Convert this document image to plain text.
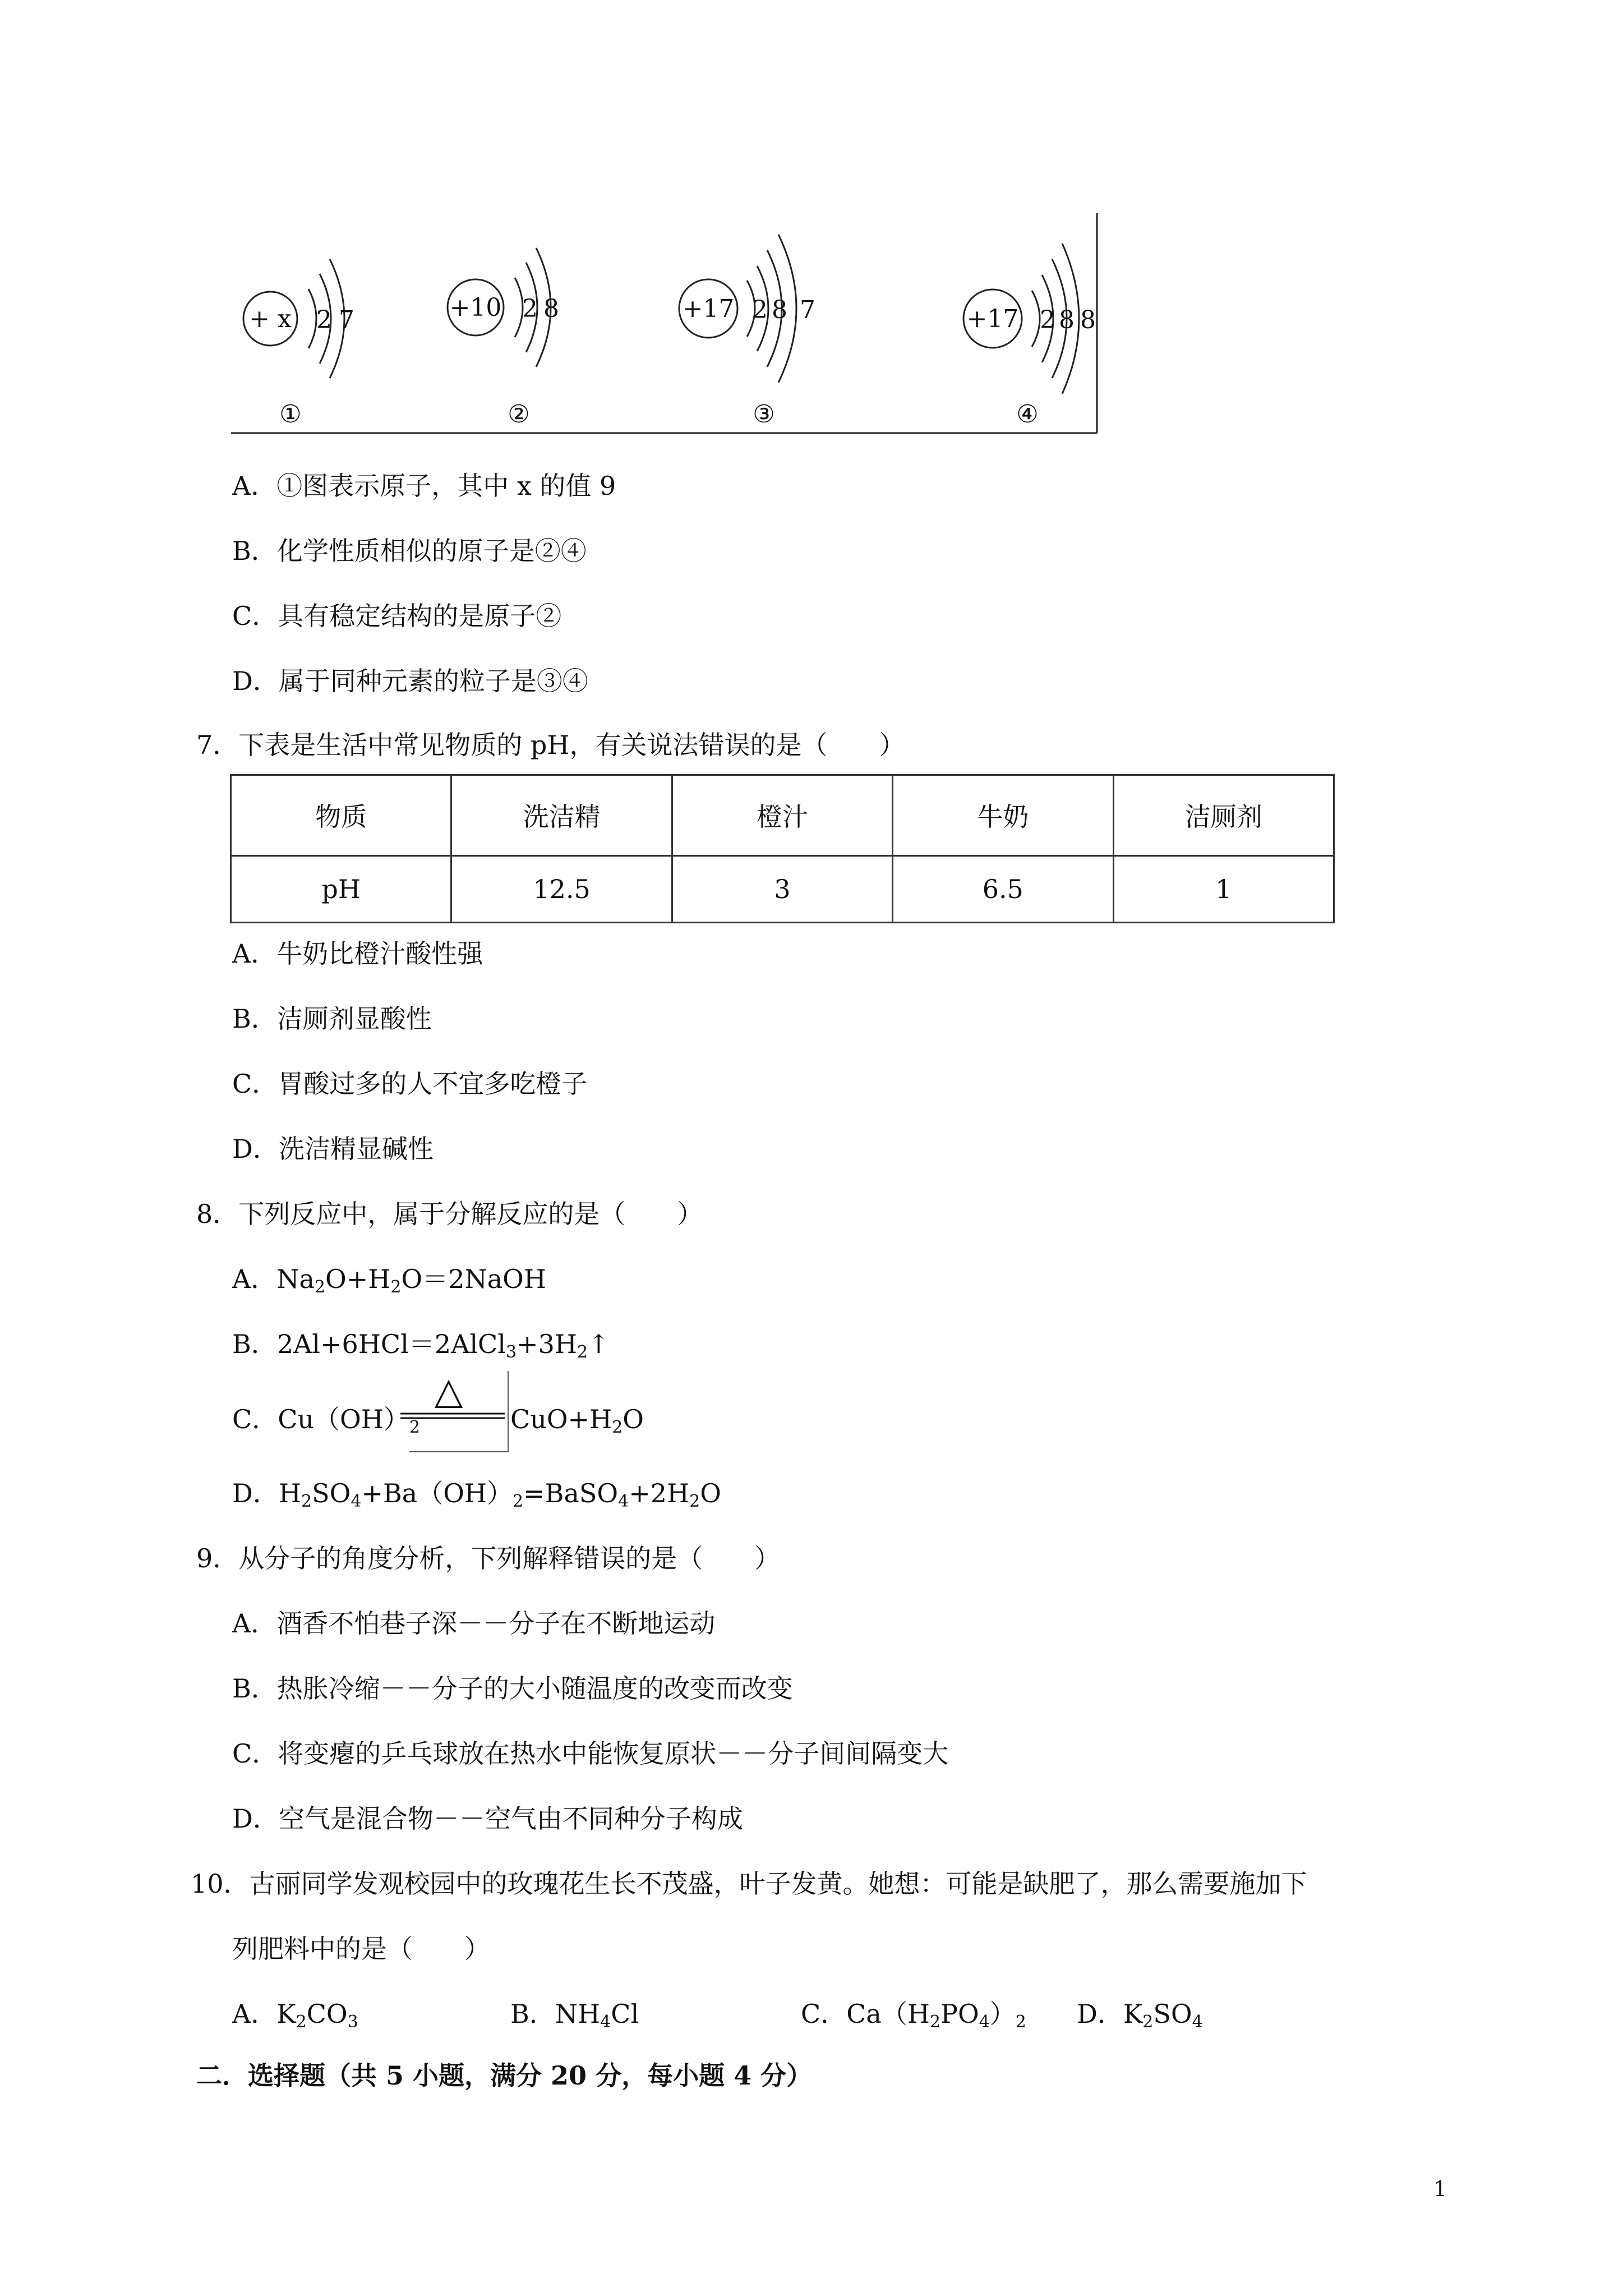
+ x 2 7
①
+10 2 8
②
+17 2 8 7
③
+17 2 8 8
④
A．①图表示原子，其中 x 的值 9
B．化学性质相似的原子是②④
C．具有稳定结构的是原子②
D．属于同种元素的粒子是③④
7．下表是生活中常见物质的 pH，有关说法错误的是（　　）
物质	洗洁精	橙汁	牛奶	洁厕剂
pH	12.5	3	6.5	1
A．牛奶比橙汁酸性强
B．洁厕剂显酸性
C．胃酸过多的人不宜多吃橙子
D．洗洁精显碱性
8．下列反应中，属于分解反应的是（　　）
A．$Na_2O+H_2O=2NaOH$
B．$2Al+6HCl=2AlCl_3+3H_2↑$
C．$Cu(OH)_2$
△
$CuO+H_2O$
D．$H_2SO_4+Ba(OH)_2=BaSO_4+2H_2O$
9．从分子的角度分析，下列解释错误的是（　　）
A．酒香不怕巷子深－－分子在不断地运动
B．热胀冷缩－－分子的大小随温度的改变而改变
C．将变瘪的乒乓球放在热水中能恢复原状－－分子间间隔变大
D．空气是混合物－－空气由不同种分子构成
10．古丽同学发观校园中的玫瑰花生长不茂盛，叶子发黄。她想：可能是缺肥了，那么需要施加下
列肥料中的是（　　）
A．$K_2CO_3$	B．$NH_4Cl$	C．$Ca(H_2PO_4)_2$ D．$K_2SO_4$
二．选择题（共 5 小题，满分 20 分，每小题 4 分）
1
